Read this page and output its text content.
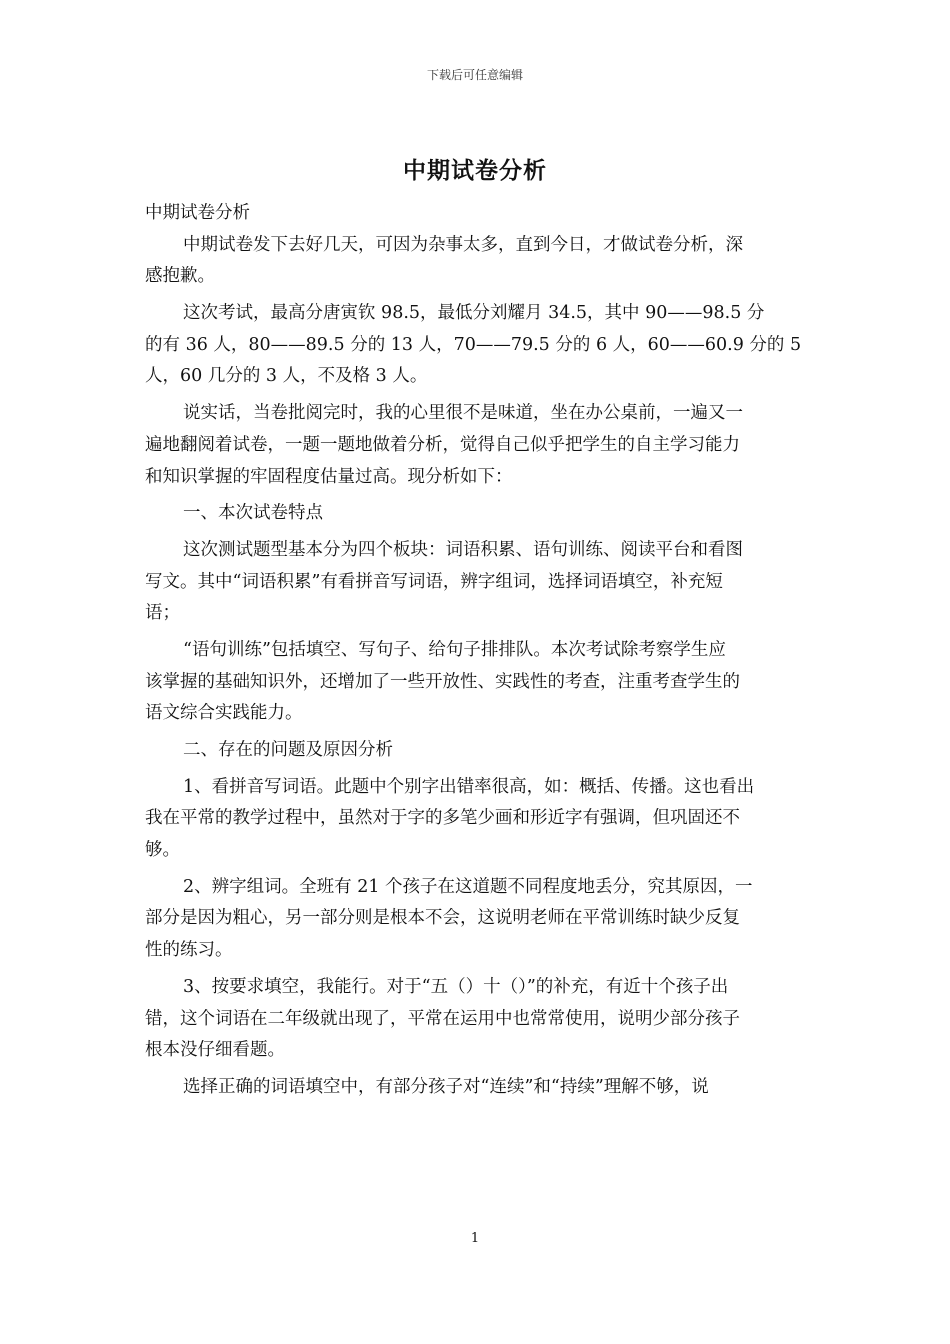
下载后可任意编辑
中期试卷分析
中期试卷分析
中期试卷发下去好几天，可因为杂事太多，直到今日，才做试卷分析，深
感抱歉。
这次考试，最高分唐寅钦 98.5，最低分刘耀月 34.5，其中 90——98.5 分
的有 36 人，80——89.5 分的 13 人，70——79.5 分的 6 人，60——60.9 分的 5
人，60 几分的 3 人，不及格 3 人。
说实话，当卷批阅完时，我的心里很不是味道，坐在办公桌前，一遍又一
遍地翻阅着试卷，一题一题地做着分析，觉得自己似乎把学生的自主学习能力
和知识掌握的牢固程度估量过高。现分析如下：
一、本次试卷特点
这次测试题型基本分为四个板块：词语积累、语句训练、阅读平台和看图
写文。其中“词语积累”有看拼音写词语，辨字组词，选择词语填空，补充短
语；
“语句训练”包括填空、写句子、给句子排排队。本次考试除考察学生应
该掌握的基础知识外，还增加了一些开放性、实践性的考查，注重考查学生的
语文综合实践能力。
二、存在的问题及原因分析
1、看拼音写词语。此题中个别字出错率很高，如：概括、传播。这也看出
我在平常的教学过程中，虽然对于字的多笔少画和形近字有强调，但巩固还不
够。
2、辨字组词。全班有 21 个孩子在这道题不同程度地丢分，究其原因，一
部分是因为粗心，另一部分则是根本不会，这说明老师在平常训练时缺少反复
性的练习。
3、按要求填空，我能行。对于“五（）十（）”的补充，有近十个孩子出
错，这个词语在二年级就出现了，平常在运用中也常常使用，说明少部分孩子
根本没仔细看题。
选择正确的词语填空中，有部分孩子对“连续”和“持续”理解不够，说
1
